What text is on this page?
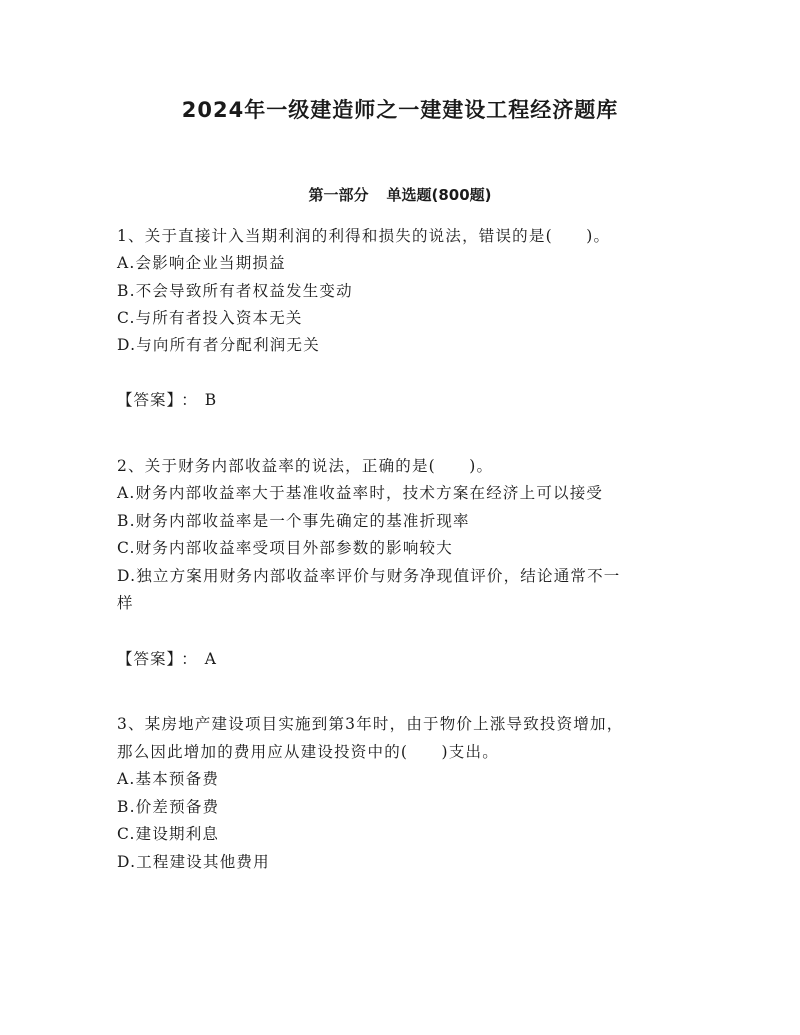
2024年一级建造师之一建建设工程经济题库
第一部分 单选题(800题)
1、关于直接计入当期利润的利得和损失的说法，错误的是(　　)。
A.会影响企业当期损益
B.不会导致所有者权益发生变动
C.与所有者投入资本无关
D.与向所有者分配利润无关
【答案】 ： B
2、关于财务内部收益率的说法，正确的是(　　)。
A.财务内部收益率大于基准收益率时，技术方案在经济上可以接受
B.财务内部收益率是一个事先确定的基准折现率
C.财务内部收益率受项目外部参数的影响较大
D.独立方案用财务内部收益率评价与财务净现值评价，结论通常不一
样
【答案】 ： A
3、某房地产建设项目实施到第3年时，由于物价上涨导致投资增加，
那么因此增加的费用应从建设投资中的(　　)支出。
A.基本预备费
B.价差预备费
C.建设期利息
D.工程建设其他费用
